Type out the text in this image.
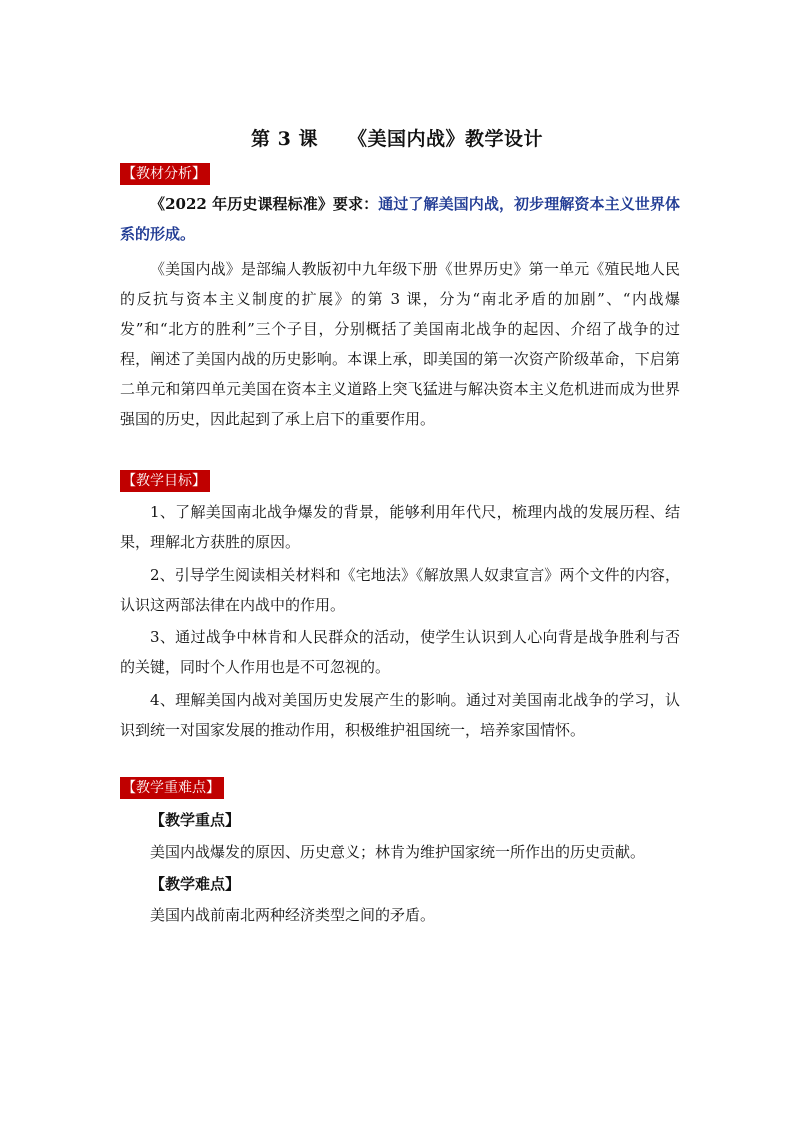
第 3 课 《美国内战》教学设计
【教材分析】

《2022 年历史课程标准》要求：通过了解美国内战，初步理解资本主义世界体系的形成。

《美国内战》是部编人教版初中九年级下册《世界历史》第一单元《殖民地人民的反抗与资本主义制度的扩展》的第 3 课，分为“南北矛盾的加剧”、“内战爆发”和“北方的胜利”三个子目，分别概括了美国南北战争的起因、介绍了战争的过程，阐述了美国内战的历史影响。本课上承，即美国的第一次资产阶级革命，下启第二单元和第四单元美国在资本主义道路上突飞猛进与解决资本主义危机进而成为世界强国的历史，因此起到了承上启下的重要作用。

【教学目标】

1、了解美国南北战争爆发的背景，能够利用年代尺，梳理内战的发展历程、结果，理解北方获胜的原因。

2、引导学生阅读相关材料和《宅地法》《解放黑人奴隶宣言》两个文件的内容，认识这两部法律在内战中的作用。

3、通过战争中林肯和人民群众的活动，使学生认识到人心向背是战争胜利与否的关键，同时个人作用也是不可忽视的。

4、理解美国内战对美国历史发展产生的影响。通过对美国南北战争的学习，认识到统一对国家发展的推动作用，积极维护祖国统一，培养家国情怀。

【教学重难点】
【教学重点】
美国内战爆发的原因、历史意义；林肯为维护国家统一所作出的历史贡献。
【教学难点】
美国内战前南北两种经济类型之间的矛盾。
